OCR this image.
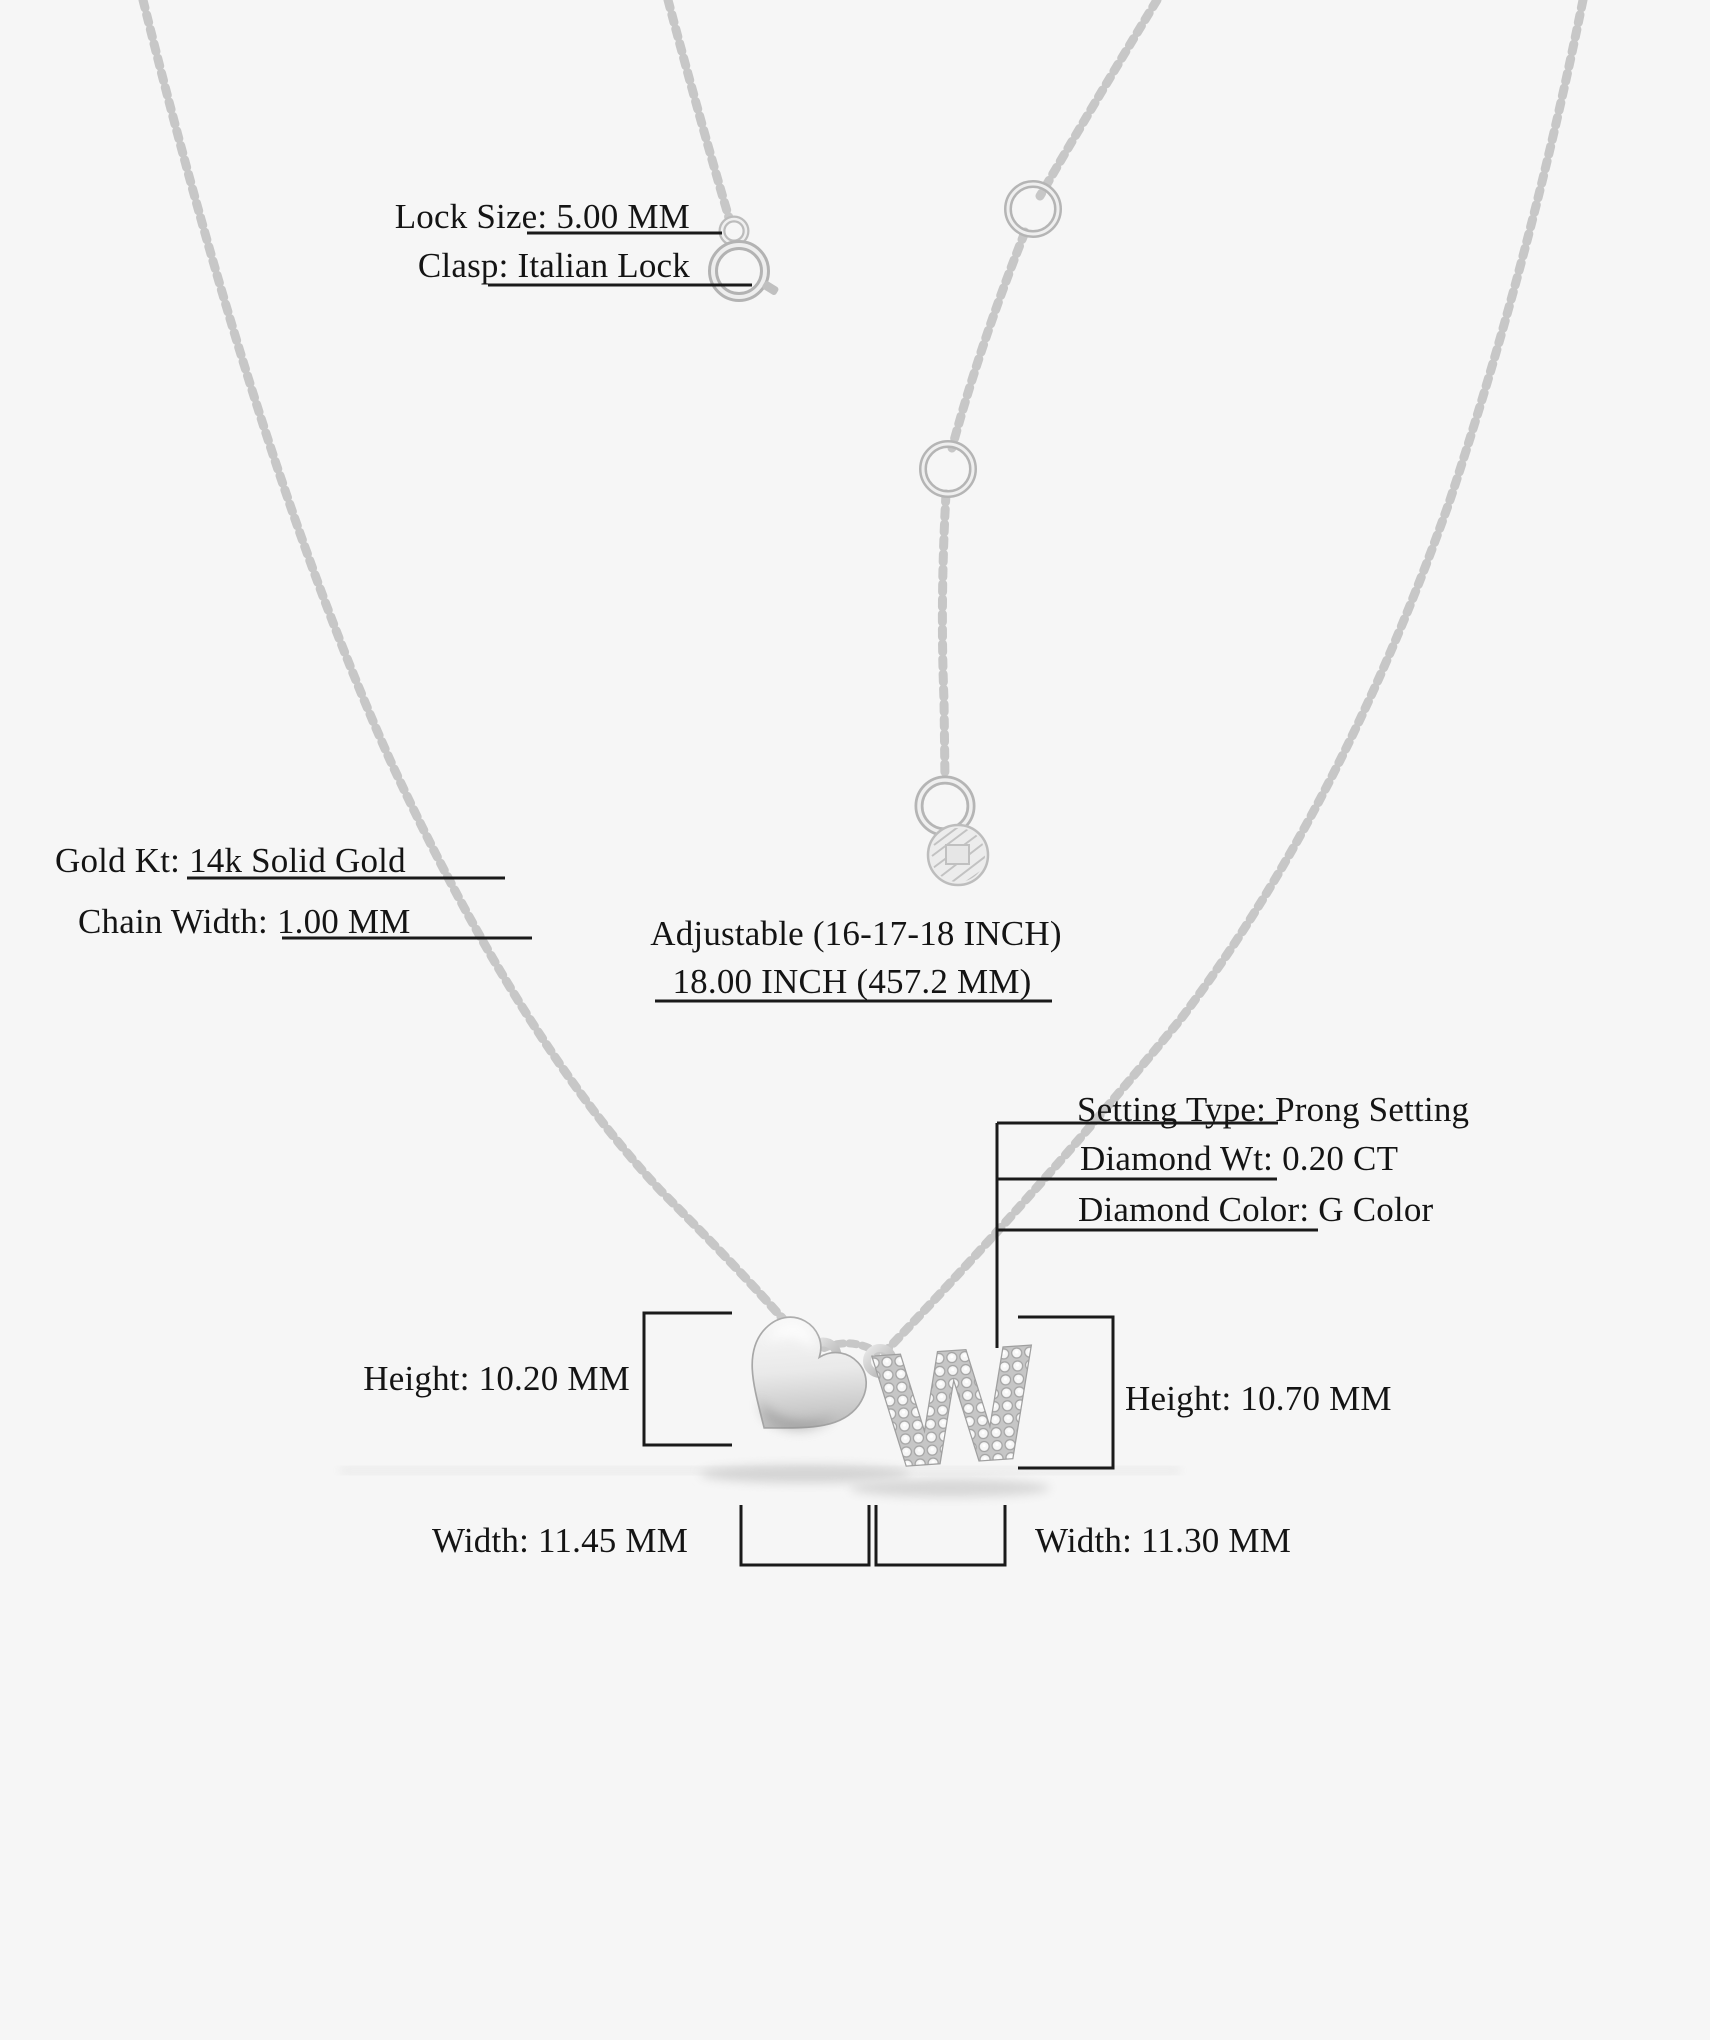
W
Lock Size: 5.00 MM
Clasp: Italian Lock
Gold Kt: 14k Solid Gold
Chain Width: 1.00 MM	Adjustable (16-17-18 INCH)
18.00 INCH (457.2 MM)
Setting Type: Prong Setting
Diamond Wt: 0.20 CT
Diamond Color: G Color
Height: 10.20 MM
Height: 10.70 MM
Width: 11.45 MM	Width: 11.30 MM
